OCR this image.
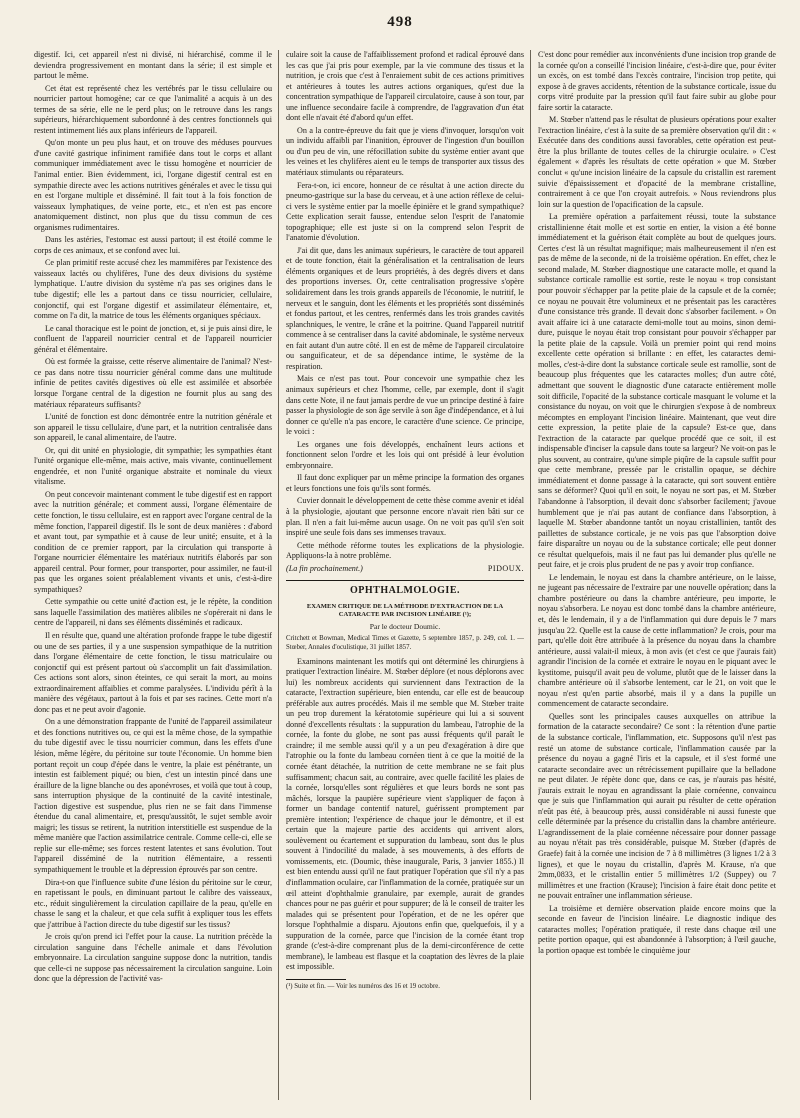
498

digestif. Ici, cet appareil n'est ni divisé, ni hiérarchisé, comme il le deviendra progressivement en montant dans la série; il est simple et partout le même.

Cet état est représenté chez les vertébrés par le tissu cellulaire ou nourricier partout homogène; car ce que l'animalité a acquis à un des termes de sa série, elle ne le perd plus; on le retrouve dans les rangs supérieurs, hiérarchiquement subordonné à des centres fonctionnels qui restent intimement liés aux plans inférieurs de l'appareil.

Qu'on monte un peu plus haut, et on trouve des méduses pourvues d'une cavité gastrique infiniment ramifiée dans tout le corps et allant communiquer immédiatement avec le tissu homogène et nourricier de l'animal entier. Bien évidemment, ici, l'organe digestif central est en sympathie directe avec les actions nutritives générales et avec le tissu qui en est l'organe multiple et disséminé. Il fait tout à la fois fonction de vaisseaux lymphatiques, de veine porte, etc., et n'en est pas encore anatomiquement distinct, non plus que du tissu commun de ces organismes rudimentaires.

Dans les astéries, l'estomac est aussi partout; il est étoilé comme le corps de ces animaux, et se confond avec lui.

Ce plan primitif reste accusé chez les mammifères par l'existence des vaisseaux lactés ou chylifères, l'une des deux divisions du système lymphatique. L'autre division du système n'a pas ses origines dans le tube digestif; elle les a partout dans ce tissu nourricier, cellulaire, conjonctif, qui est l'organe digestif et assimilateur élémentaire, et, comme on l'a dit, la matrice de tous les éléments organiques spéciaux.

Le canal thoracique est le point de jonction, et, si je puis ainsi dire, le confluent de l'appareil nourricier central et de l'appareil nourricier général et élémentaire.

Où est formée la graisse, cette réserve alimentaire de l'animal? N'est-ce pas dans notre tissu nourricier général comme dans une multitude infinie de petites cavités digestives où elle est assimilée et absorbée lorsque l'organe central de la digestion ne fournit plus au sang des matériaux réparateurs suffisants?

L'unité de fonction est donc démontrée entre la nutrition générale et son appareil le tissu cellulaire, d'une part, et la nutrition centralisée dans son appareil, le canal alimentaire, de l'autre.

Or, qui dit unité en physiologie, dit sympathie; les sympathies étant l'unité organique elle-même, mais active, mais vivante, continuellement engendrée, et non l'unité organique abstraite et nominale du vieux vitalisme.

On peut concevoir maintenant comment le tube digestif est en rapport avec la nutrition générale; et comment aussi, l'organe élémentaire de cette fonction, le tissu cellulaire, est en rapport avec l'organe central de la même fonction, l'appareil digestif. Ils le sont de deux manières : d'abord et avant tout, par sympathie et à cause de leur unité; ensuite, et à la condition de ce premier rapport, par la circulation qui transporte à l'organe nourricier élémentaire les matériaux nutritifs élaborés par son appareil central. Pour former, pour transporter, pour assimiler, ne faut-il pas que les organes soient préalablement vivants et unis, c'est-à-dire sympathiques?

Cette sympathie ou cette unité d'action est, je le répète, la condition sans laquelle l'assimilation des matières alibiles ne s'opérerait ni dans le centre de l'appareil, ni dans ses éléments disséminés et radicaux.

Il en résulte que, quand une altération profonde frappe le tube digestif ou une de ses parties, il y a une suspension sympathique de la nutrition dans l'organe élémentaire de cette fonction, le tissu matriculaire ou conjonctif qui est présent partout où s'accomplit un fait d'assimilation. Ces actions sont alors, sinon éteintes, ce qui serait la mort, au moins extraordinairement affaiblies et comme paralysées. L'individu pérît à la manière des végétaux, partout à la fois et par ses racines. Cette mort n'a donc pas et ne peut avoir d'agonie.

On a une démonstration frappante de l'unité de l'appareil assimilateur et des fonctions nutritives ou, ce qui est la même chose, de la sympathie du tube digestif avec le tissu nourricier commun, dans les effets d'une lésion, même légère, du péritoine sur toute l'économie. Un homme bien portant reçoit un coup d'épée dans le ventre, la plaie est pénétrante, un intestin est faiblement piqué; ou bien, c'est un intestin pincé dans une éraillure de la ligne blanche ou des aponévroses, et voilà que tout à coup, sans interruption physique de la continuité de la cavité intestinale, l'action digestive est suspendue, plus rien ne se fait dans l'immense étendue du canal alimentaire, et, presqu'aussitôt, le sujet semble avoir maigri; les tissus se retirent, la nutrition interstitielle est suspendue de la même manière que l'action assimilatrice centrale. Comme celle-ci, elle se replie sur elle-même; ses forces restent latentes et sans évolution. Tout l'appareil disséminé de la nutrition élémentaire, a ressenti sympathiquement le trouble et la dépression éprouvés par son centre.

Dira-t-on que l'influence subite d'une lésion du péritoine sur le cœur, en rapetissant le pouls, en diminuant partout le calibre des vaisseaux, etc., réduit singulièrement la circulation capillaire de la peau, qu'elle en chasse le sang et la chaleur, et que cela suffit à expliquer tous les effets que j'attribue à l'action directe du tube digestif sur les tissus?

Je crois qu'on prend ici l'effet pour la cause. La nutrition précède la circulation sanguine dans l'échelle animale et dans l'évolution embryonnaire. La circulation sanguine suppose donc la nutrition, tandis que celle-ci ne suppose pas nécessairement la circulation sanguine. Loin donc que la dépression de l'activité vas-

culaire soit la cause de l'affaiblissement profond et radical éprouvé dans les cas que j'ai pris pour exemple, par la vie commune des tissus et la nutrition, je crois que c'est à l'enraiement subit de ces actions primitives et antérieures à toutes les autres actions organiques, qu'est due la concentration sympathique de l'appareil circulatoire, cause à son tour, par une influence secondaire facile à comprendre, de l'aggravation d'un état dont elle n'avait été d'abord qu'un effet.

On a la contre-épreuve du fait que je viens d'invoquer, lorsqu'on voit un individu affaibli par l'inanition, éprouver de l'ingestion d'un bouillon ou d'un peu de vin, une réfocillation subite du système entier avant que les veines et les chylifères aient eu le temps de transporter aux tissus des matériaux stimulants ou réparateurs.

Fera-t-on, ici encore, honneur de ce résultat à une action directe du pneumo-gastrique sur la base du cerveau, et à une action réflexe de celui-ci vers le système entier par la moelle épinière et le grand sympathique? Cette explication serait fausse, entendue selon l'esprit de l'anatomie topographique; elle est juste si on la comprend selon l'esprit de l'anatomie d'évolution.

J'ai dit que, dans les animaux supérieurs, le caractère de tout appareil et de toute fonction, était la généralisation et la centralisation de leurs éléments organiques et de leurs propriétés, à des degrés divers et dans des proportions inverses. Or, cette centralisation progressive s'opère solidairement dans les trois grands appareils de l'économie, le nutritif, le nerveux et le sanguin, dont les éléments et les propriétés sont disséminés et fondus partout, et les centres, renfermés dans les trois grandes cavités splanchniques, le ventre, le crâne et la poitrine. Quand l'appareil nutritif commence à se centraliser dans la cavité abdominale, le système nerveux en fait autant d'un autre côté. Il en est de même de l'appareil circulatoire ou sanguificateur, et de sa dépendance intime, le système de la respiration.

Mais ce n'est pas tout. Pour concevoir une sympathie chez les animaux supérieurs et chez l'homme, celle, par exemple, dont il s'agit dans cette Note, il ne faut jamais perdre de vue un principe destiné à faire passer la physiologie de son âge servile à son âge d'indépendance, et à lui donner ce qu'elle n'a pas encore, le caractère d'une science. Ce principe, le voici :

Les organes une fois développés, enchaînent leurs actions et fonctionnent selon l'ordre et les lois qui ont présidé à leur évolution embryonnaire.

Il faut donc expliquer par un même principe la formation des organes et leurs fonctions une fois qu'ils sont formés.

Cuvier donnait le développement de cette thèse comme avenir et idéal à la physiologie, ajoutant que personne encore n'avait rien bâti sur ce plan. Il n'en a fait lui-même aucun usage. On ne voit pas qu'il s'en soit inspiré une seule fois dans ses immenses travaux.

Cette méthode réforme toutes les explications de la physiologie. Appliquons-la à notre problème.

(La fin prochainement.)	PIDOUX.

OPHTHALMOLOGIE.
EXAMEN CRITIQUE DE LA MÉTHODE D'EXTRACTION DE LA CATARACTE PAR INCISION LINÉAIRE (¹);
Par le docteur Doumic.

Critchett et Bowman, Medical Times et Gazette, 5 septembre 1857, p. 249, col. 1. — Stœber, Annales d'oculistique, 31 juillet 1857.

Examinons maintenant les motifs qui ont déterminé les chirurgiens à pratiquer l'extraction linéaire. M. Stœber déplore (et nous déplorons avec lui) les nombreux accidents qui surviennent dans l'extraction de la cataracte, l'extraction supérieure, bien entendu, car elle est de beaucoup préférable aux autres procédés. Mais il me semble que M. Stœber traite un peu trop durement la kératotomie supérieure qui lui a si souvent donné d'excellents résultats : la suppuration du lambeau, l'atrophie de la cornée, la fonte du globe, ne sont pas aussi fréquents qu'il paraît le craindre; il me semble aussi qu'il y a un peu d'exagération à dire que l'atrophie ou la fonte du lambeau cornéen tient à ce que la moitié de la cornée étant détachée, la nutrition de cette membrane ne se fait plus suffisamment; chacun sait, au contraire, avec quelle facilité les plaies de la cornée, lorsqu'elles sont régulières et que leurs bords ne sont pas mâchés, lorsque la paupière supérieure vient s'appliquer de façon à former un bandage contentif naturel, guérissent promptement par première intention; l'expérience de chaque jour le démontre, et il est certain que la majeure partie des accidents qui arrivent alors, soulèvement ou écartement et suppuration du lambeau, sont dus le plus souvent à l'indocilité du malade, à ses mouvements, à des efforts de vomissements, etc. (Doumic, thèse inaugurale, Paris, 3 janvier 1855.) Il est bien entendu aussi qu'il ne faut pratiquer l'opération que s'il n'y a pas d'inflammation oculaire, car l'inflammation de la cornée, pratiquée sur un œil atteint d'ophthalmie granulaire, par exemple, aurait de grandes chances pour ne pas guérir et pour suppurer; de là le conseil de traiter les malades qui se présentent pour l'opération, et de ne les opérer que lorsque l'ophthalmie a disparu. Ajoutons enfin que, quelquefois, il y a suppuration de la cornée, parce que l'incision de la cornée étant trop grande (c'est-à-dire comprenant plus de la demi-circonférence de cette membrane), le lambeau est flasque et la coaptation des lèvres de la plaie est impossible.

(¹) Suite et fin. — Voir les numéros des 16 et 19 octobre.

C'est donc pour remédier aux inconvénients d'une incision trop grande de la cornée qu'on a conseillé l'incision linéaire, c'est-à-dire que, pour éviter un excès, on est tombé dans l'excès contraire, l'incision trop petite, qui expose à de graves accidents, rétention de la substance corticale, issue du corps vitré produite par la pression qu'il faut faire subir au globe pour faire sortir la cataracte.

M. Stœber n'attend pas le résultat de plusieurs opérations pour exalter l'extraction linéaire, c'est à la suite de sa première observation qu'il dit : « Exécutée dans des conditions aussi favorables, cette opération est peut-être la plus brillante de toutes celles de la chirurgie oculaire. » C'est également « d'après les résultats de cette opération » que M. Stœber conclut « qu'une incision linéaire de la capsule du cristallin est rarement suivie d'épaississement et d'opacité de la membrane cristalline, contrairement à ce que l'on croyait autrefois. » Nous reviendrons plus loin sur la question de l'opacification de la capsule.

La première opération a parfaitement réussi, toute la substance cristallinienne était molle et est sortie en entier, la vision a été bonne immédiatement et la guérison était complète au bout de quelques jours. Certes c'est là un résultat magnifique; mais malheureusement il n'en est pas de même de la seconde, ni de la troisième opération. En effet, chez le second malade, M. Stœber diagnostique une cataracte molle, et quand la substance corticale ramollie est sortie, reste le noyau « trop consistant pour pouvoir s'échapper par la petite plaie de la capsule et de la cornée; ce noyau ne pouvait être volumineux et ne présentait pas les caractères d'une consistance très grande. Il devait donc s'absorber facilement. » On avait affaire ici à une cataracte demi-molle tout au moins, sinon demi-dure, puisque le noyau était trop consistant pour pouvoir s'échapper par la petite plaie de la capsule. Voilà un premier point qui rend moins excellente cette opération si brillante : en effet, les cataractes demi-molles, c'est-à-dire dont la substance corticale seule est ramollie, sont de beaucoup plus fréquentes que les cataractes molles; d'un autre côté, admettant que souvent le diagnostic d'une cataracte entièrement molle soit difficile, l'opacité de la substance corticale masquant le volume et la consistance du noyau, on voit que le chirurgien s'expose à de nombreux mécomptes en employant l'incision linéaire. Maintenant, que veut dire cette expression, la petite plaie de la capsule? Est-ce que, dans l'extraction de la cataracte par quelque procédé que ce soit, il est indispensable d'inciser la capsule dans toute sa largeur? Ne voit-on pas le plus souvent, au contraire, qu'une simple piqûre de la capsule suffit pour que cette membrane, pressée par le cristallin opaque, se déchire immédiatement et donne passage à la cataracte, qui sort souvent entière sans se déformer? Quoi qu'il en soit, le noyau ne sort pas, et M. Stœber l'abandonne à l'absorption, il devait donc s'absorber facilement; j'avoue humblement que je n'ai pas autant de confiance dans l'absorption, à laquelle M. Stœber abandonne tantôt un noyau cristallinien, tantôt des paillettes de substance corticale, je ne vois pas que l'absorption doive faire disparaître un noyau ou de la substance corticale; elle peut donner ce résultat quelquefois, mais il ne faut pas lui demander plus qu'elle ne peut faire, et je crois plus prudent de ne pas y avoir trop confiance.

Le lendemain, le noyau est dans la chambre antérieure, on le laisse, ne jugeant pas nécessaire de l'extraire par une nouvelle opération; dans la chambre postérieure ou dans la chambre antérieure, peu importe, le noyau s'absorbera. Le noyau est donc tombé dans la chambre antérieure, et, dès le lendemain, il y a de l'inflammation qui dure depuis le 7 mars jusqu'au 22. Quelle est la cause de cette inflammation? Je crois, pour ma part, qu'elle doit être attribuée à la présence du noyau dans la chambre antérieure, aussi valait-il mieux, à mon avis (et c'est ce que j'aurais fait) agrandir l'incision de la cornée et extraire le noyau en le piquant avec le kystitome, puisqu'il avait peu de volume, plutôt que de le laisser dans la chambre antérieure où il s'absorbe lentement, car le 21, on voit que le noyau n'est qu'en partie absorbé, mais il y a dans la pupille un commencement de cataracte secondaire.

Quelles sont les principales causes auxquelles on attribue la formation de la cataracte secondaire? Ce sont : la rétention d'une partie de la substance corticale, l'inflammation, etc. Supposons qu'il n'est pas resté un atome de substance corticale, l'inflammation causée par la présence du noyau a gagné l'iris et la capsule, et il s'est formé une cataracte secondaire avec un rétrécissement pupillaire que la belladone ne peut dilater. Je répète donc que, dans ce cas, je n'aurais pas hésité, j'aurais extrait le noyau en agrandissant la plaie cornéenne, convaincu que je suis que l'inflammation qui aurait pu résulter de cette opération n'eût pas été, à beaucoup près, aussi considérable ni aussi funeste que celle déterminée par la présence du cristallin dans la chambre antérieure. L'agrandissement de la plaie cornéenne nécessaire pour donner passage au noyau n'était pas très considérable, puisque M. Stœber (d'après de Graefe) fait à la cornée une incision de 7 à 8 millimètres (3 lignes 1/2 à 3 lignes), et que le noyau du cristallin, d'après M. Krause, n'a que 2mm,0833, et le cristallin entier 5 millimètres 1/2 (Suppey) ou 7 millimètres et une fraction (Krause); l'incision à faire était donc petite et ne pouvait entraîner une inflammation sérieuse.

La troisième et dernière observation plaide encore moins que la seconde en faveur de l'incision linéaire. Le diagnostic indique des cataractes molles; l'opération pratiquée, il reste dans chaque œil une petite portion opaque, qui est abandonnée à l'absorption; à l'œil gauche, la portion opaque est tombée le cinquième jour
